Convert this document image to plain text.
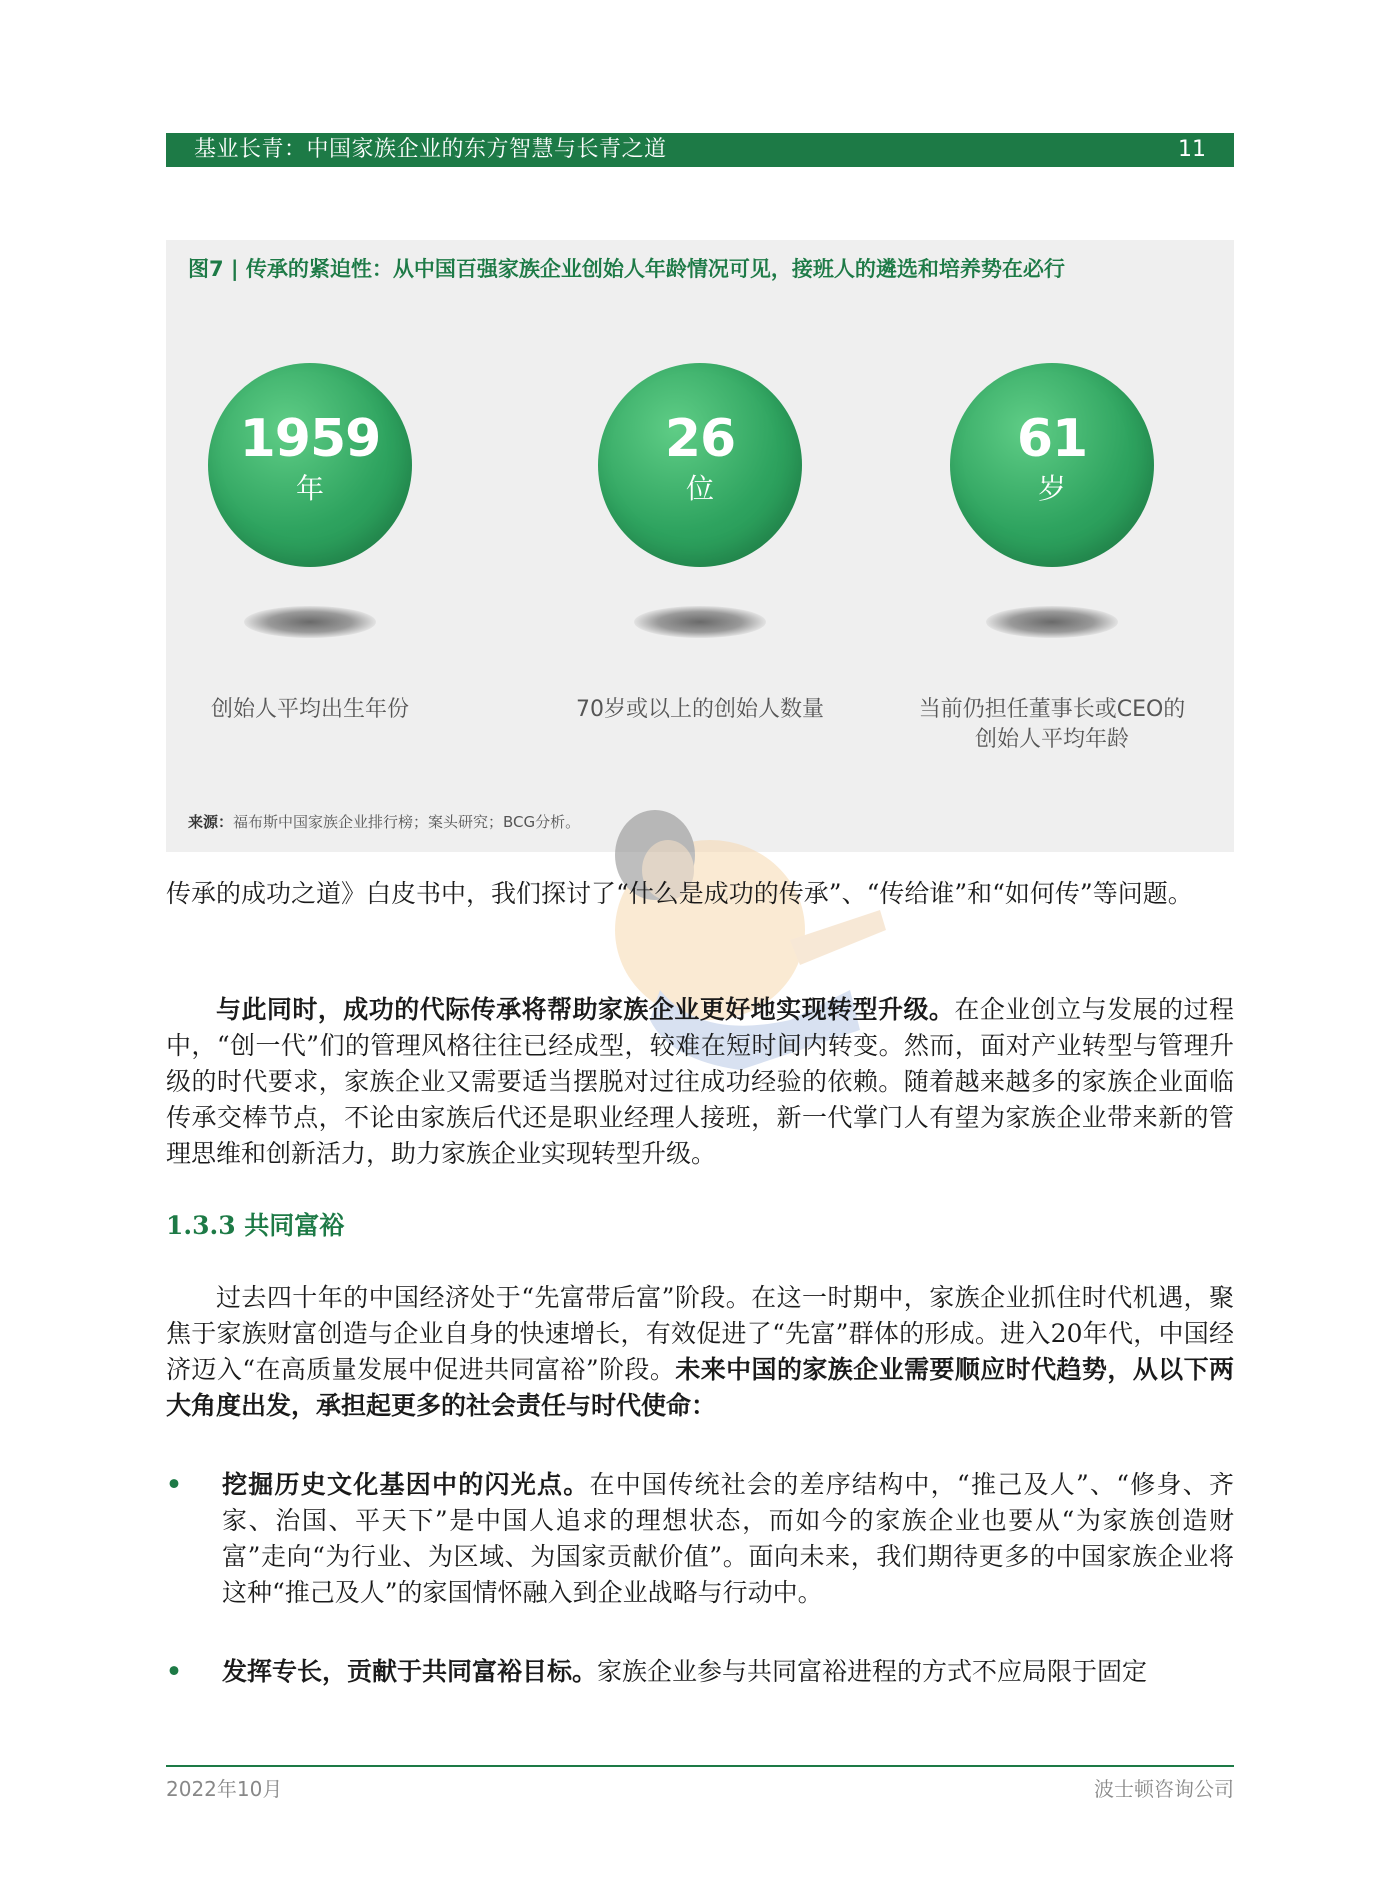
基业长青：中国家族企业的东方智慧与长青之道	11
图7 | 传承的紧迫性：从中国百强家族企业创始人年龄情况可见，接班人的遴选和培养势在必行
1959
年
创始人平均出生年份
26
位
70岁或以上的创始人数量
61
岁
当前仍担任董事长或CEO的
创始人平均年龄
来源：福布斯中国家族企业排行榜；案头研究；BCG分析。
传承的成功之道》白皮书中，我们探讨了“什么是成功的传承”、“传给谁”和“如何传”等问题。
与此同时，成功的代际传承将帮助家族企业更好地实现转型升级。在企业创立与发展的过程中，“创一代”们的管理风格往往已经成型，较难在短时间内转变。然而，面对产业转型与管理升级的时代要求，家族企业又需要适当摆脱对过往成功经验的依赖。随着越来越多的家族企业面临传承交棒节点，不论由家族后代还是职业经理人接班，新一代掌门人有望为家族企业带来新的管理思维和创新活力，助力家族企业实现转型升级。
1.3.3 共同富裕
过去四十年的中国经济处于“先富带后富”阶段。在这一时期中，家族企业抓住时代机遇，聚焦于家族财富创造与企业自身的快速增长，有效促进了“先富”群体的形成。进入20年代，中国经济迈入“在高质量发展中促进共同富裕”阶段。未来中国的家族企业需要顺应时代趋势，从以下两大角度出发，承担起更多的社会责任与时代使命：
• 挖掘历史文化基因中的闪光点。在中国传统社会的差序结构中，“推己及人”、“修身、齐家、治国、平天下”是中国人追求的理想状态，而如今的家族企业也要从“为家族创造财富”走向“为行业、为区域、为国家贡献价值”。面向未来，我们期待更多的中国家族企业将这种“推己及人”的家国情怀融入到企业战略与行动中。
• 发挥专长，贡献于共同富裕目标。家族企业参与共同富裕进程的方式不应局限于固定
2022年10月	波士顿咨询公司
